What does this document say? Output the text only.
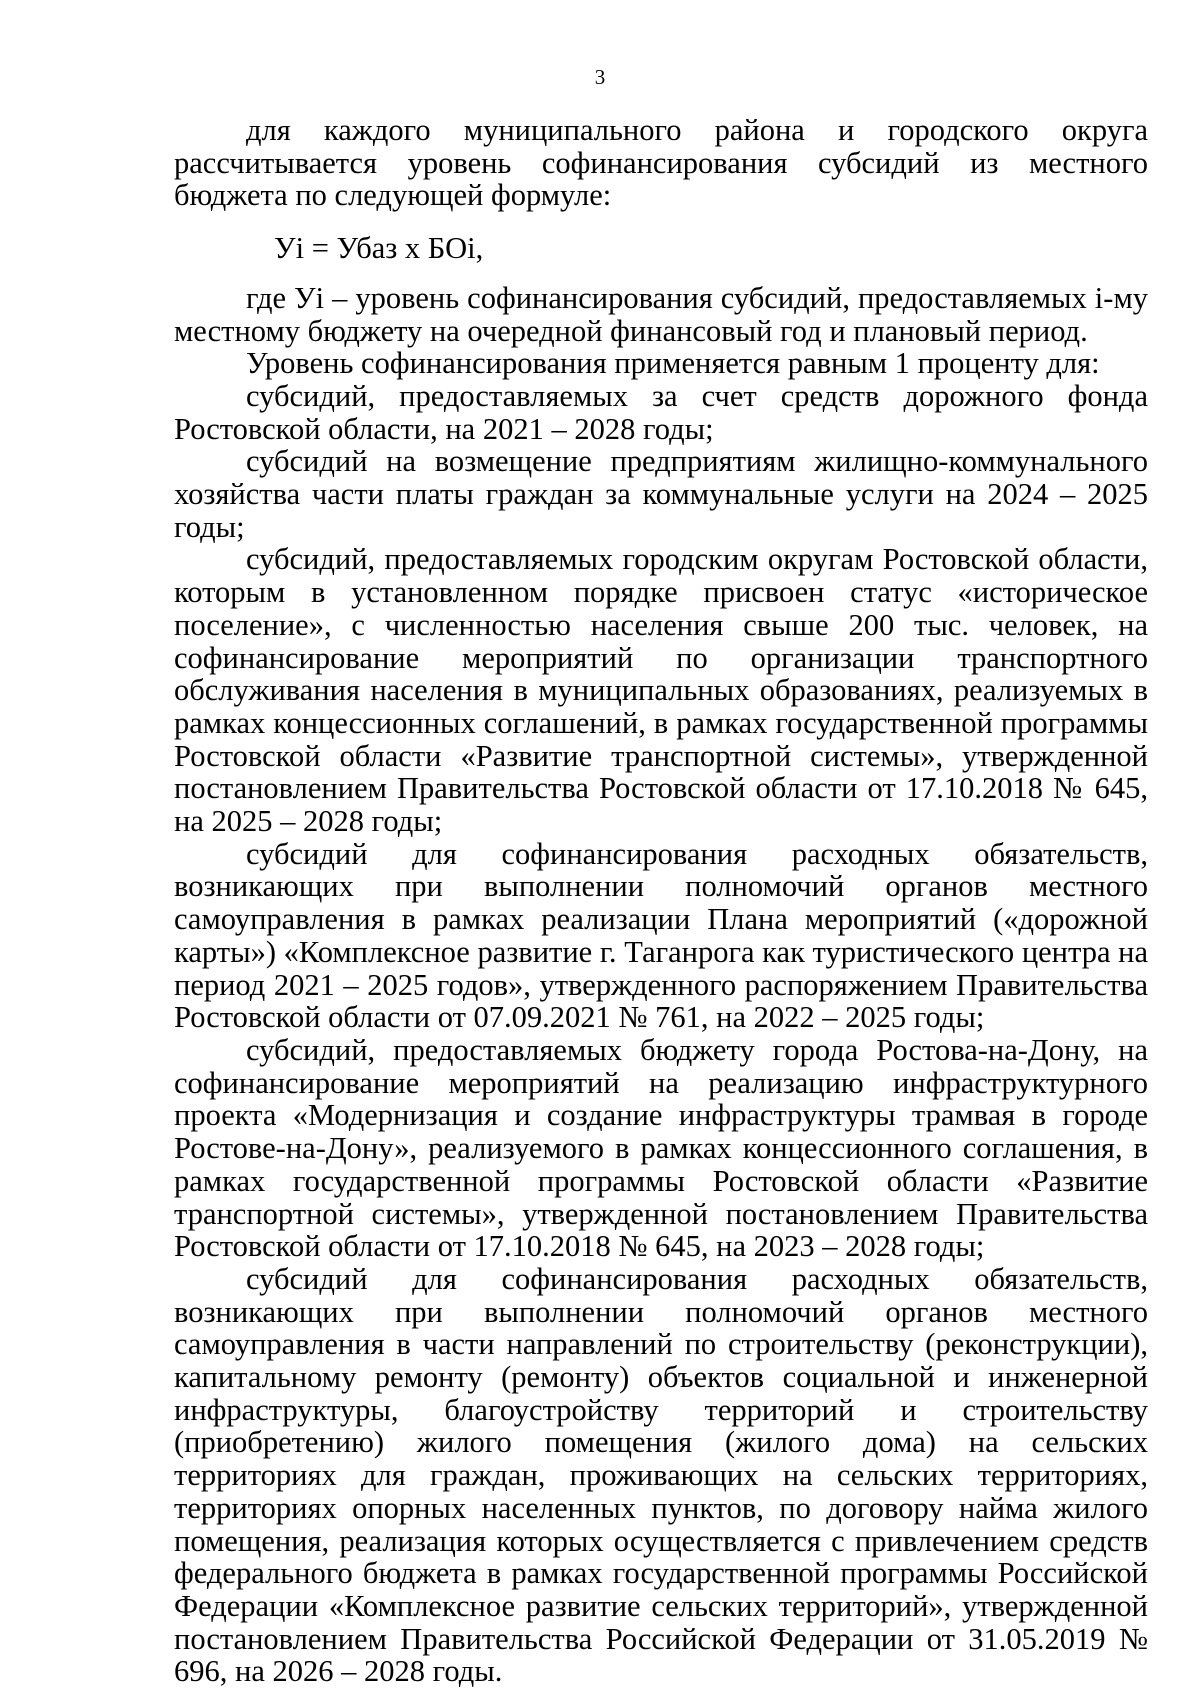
3

для каждого муниципального района и городского округа рассчитывается уровень софинансирования субсидий из местного бюджета по следующей формуле:

Уi = Убаз х БОi,

где Уi – уровень софинансирования субсидий, предоставляемых i-му местному бюджету на очередной финансовый год и плановый период.

Уровень софинансирования применяется равным 1 проценту для:

субсидий, предоставляемых за счет средств дорожного фонда Ростовской области, на 2021 – 2028 годы;

субсидий на возмещение предприятиям жилищно-коммунального хозяйства части платы граждан за коммунальные услуги на 2024 – 2025 годы;

субсидий, предоставляемых городским округам Ростовской области, которым в установленном порядке присвоен статус «историческое поселение», с численностью населения свыше 200 тыс. человек, на софинансирование мероприятий по организации транспортного обслуживания населения в муниципальных образованиях, реализуемых в рамках концессионных соглашений, в рамках государственной программы Ростовской области «Развитие транспортной системы», утвержденной постановлением Правительства Ростовской области от 17.10.2018 № 645, на 2025 – 2028 годы;

субсидий для софинансирования расходных обязательств, возникающих при выполнении полномочий органов местного самоуправления в рамках реализации Плана мероприятий («дорожной карты») «Комплексное развитие г. Таганрога как туристического центра на период 2021 – 2025 годов», утвержденного распоряжением Правительства Ростовской области от 07.09.2021 № 761, на 2022 – 2025 годы;

субсидий, предоставляемых бюджету города Ростова-на-Дону, на софинансирование мероприятий на реализацию инфраструктурного проекта «Модернизация и создание инфраструктуры трамвая в городе Ростове-на-Дону», реализуемого в рамках концессионного соглашения, в рамках государственной программы Ростовской области «Развитие транспортной системы», утвержденной постановлением Правительства Ростовской области от 17.10.2018 № 645, на 2023 – 2028 годы;

субсидий для софинансирования расходных обязательств, возникающих при выполнении полномочий органов местного самоуправления в части направлений по строительству (реконструкции), капитальному ремонту (ремонту) объектов социальной и инженерной инфраструктуры, благоустройству территорий и строительству (приобретению) жилого помещения (жилого дома) на сельских территориях для граждан, проживающих на сельских территориях, территориях опорных населенных пунктов, по договору найма жилого помещения, реализация которых осуществляется с привлечением средств федерального бюджета в рамках государственной программы Российской Федерации «Комплексное развитие сельских территорий», утвержденной постановлением Правительства Российской Федерации от 31.05.2019 № 696, на 2026 – 2028 годы.
